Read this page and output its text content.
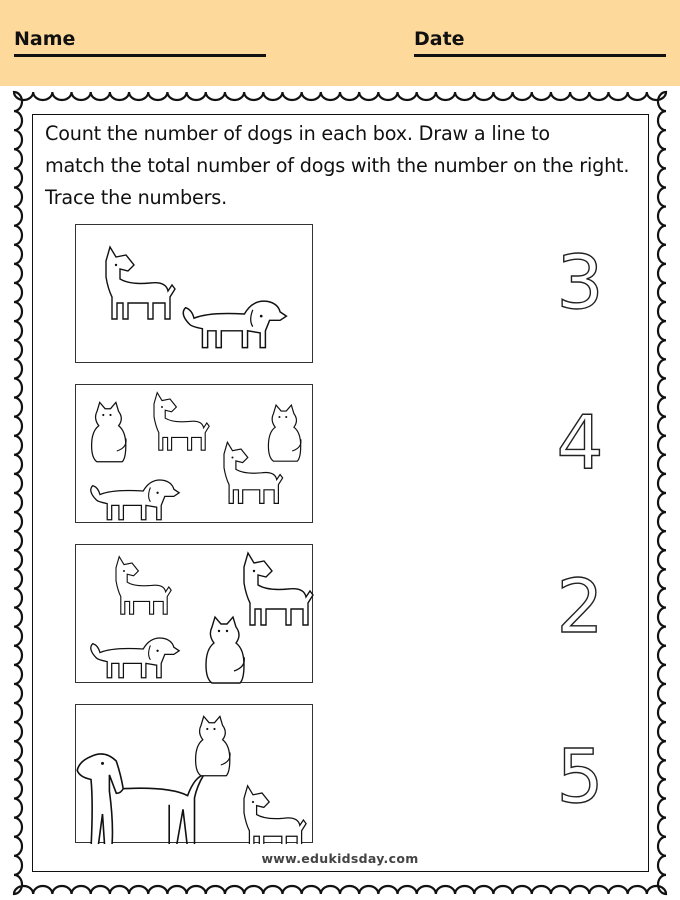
Name	Date
Count the number of dogs in each box. Draw a line to
match the total number of dogs with the number on the right.
Trace the numbers.
3
4
2
5
www.edukidsday.com
